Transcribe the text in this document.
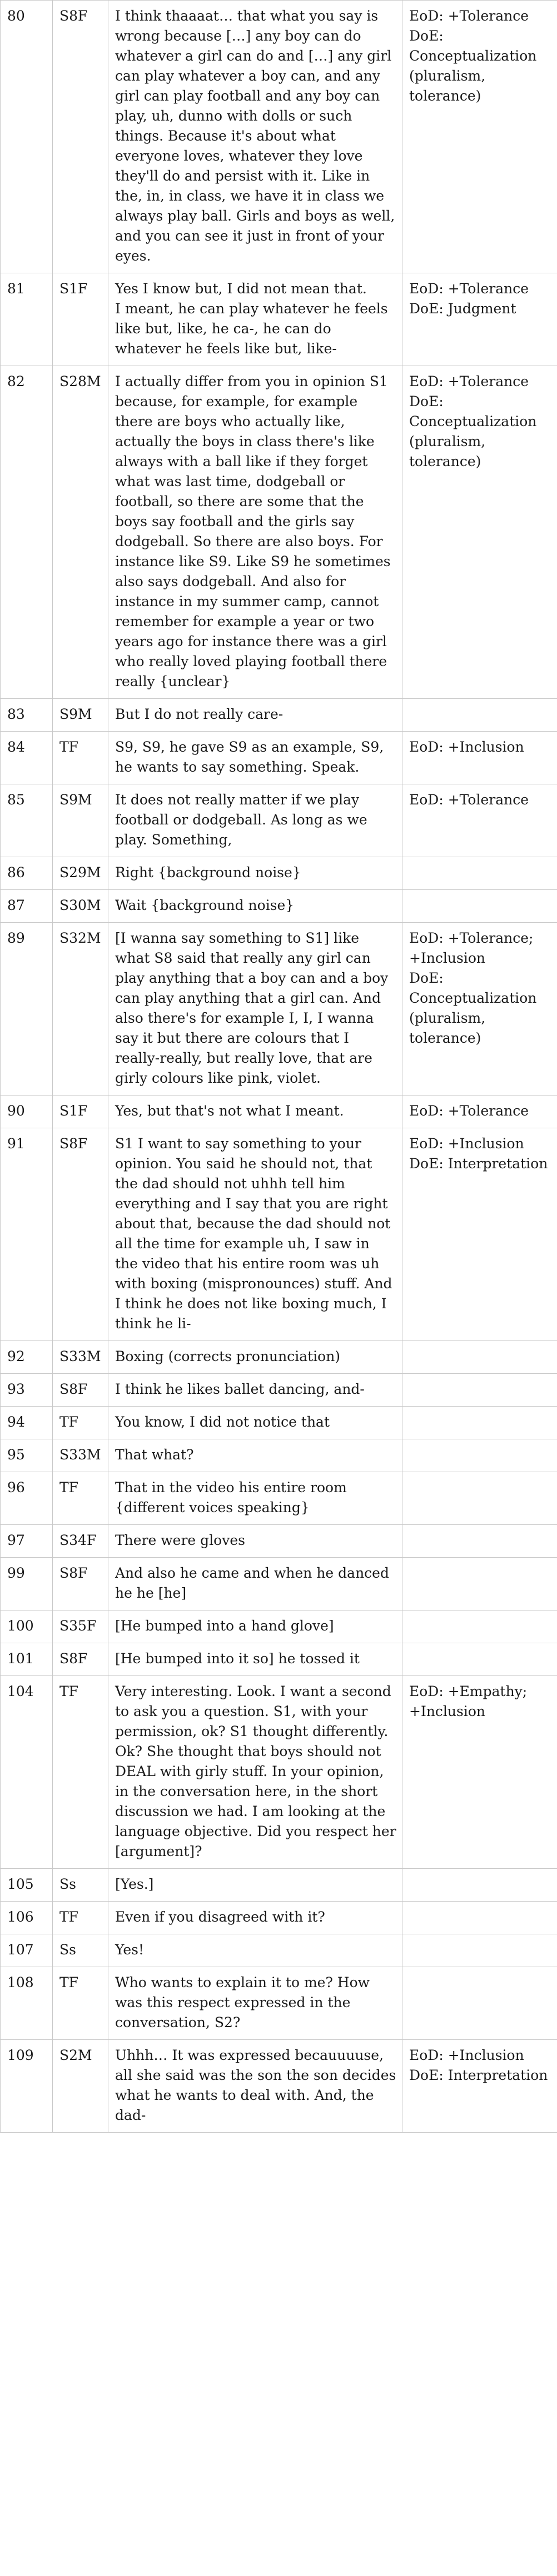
80	S8F	I think thaaaat… that what you say is wrong because […] any boy can do whatever a girl can do and […] any girl can play whatever a boy can, and any girl can play football and any boy can play, uh, dunno with dolls or such things. Because it's about what everyone loves, whatever they love they'll do and persist with it. Like in the, in, in class, we have it in class we always play ball. Girls and boys as well, and you can see it just in front of your eyes.	EoD: +Tolerance
DoE: Conceptualization (pluralism, tolerance)
81	S1F	Yes I know but, I did not mean that.
I meant, he can play whatever he feels like but, like, he ca-, he can do whatever he feels like but, like-	EoD: +Tolerance
DoE: Judgment
82	S28M	I actually differ from you in opinion S1 because, for example, for example there are boys who actually like, actually the boys in class there's like always with a ball like if they forget what was last time, dodgeball or football, so there are some that the boys say football and the girls say dodgeball. So there are also boys. For instance like S9. Like S9 he sometimes also says dodgeball. And also for instance in my summer camp, cannot remember for example a year or two years ago for instance there was a girl who really loved playing football there really {unclear}	EoD: +Tolerance
DoE: Conceptualization (pluralism, tolerance)
83	S9M	But I do not really care-	
84	TF	S9, S9, he gave S9 as an example, S9, he wants to say something. Speak.	EoD: +Inclusion
85	S9M	It does not really matter if we play football or dodgeball. As long as we play. Something,	EoD: +Tolerance
86	S29M	Right {background noise}	
87	S30M	Wait {background noise}	
89	S32M	[I wanna say something to S1] like what S8 said that really any girl can play anything that a boy can and a boy can play anything that a girl can. And also there's for example I, I, I wanna say it but there are colours that I really-really, but really love, that are girly colours like pink, violet.	EoD: +Tolerance; +Inclusion
DoE: Conceptualization (pluralism, tolerance)
90	S1F	Yes, but that's not what I meant.	EoD: +Tolerance
91	S8F	S1 I want to say something to your opinion. You said he should not, that the dad should not uhhh tell him everything and I say that you are right about that, because the dad should not all the time for example uh, I saw in the video that his entire room was uh with boxing (mispronounces) stuff. And I think he does not like boxing much, I think he li-	EoD: +Inclusion
DoE: Interpretation
92	S33M	Boxing (corrects pronunciation)	
93	S8F	I think he likes ballet dancing, and-	
94	TF	You know, I did not notice that	
95	S33M	That what?	
96	TF	That in the video his entire room {different voices speaking}	
97	S34F	There were gloves	
99	S8F	And also he came and when he danced he he [he]	
100	S35F	[He bumped into a hand glove]	
101	S8F	[He bumped into it so] he tossed it	
104	TF	Very interesting. Look. I want a second to ask you a question. S1, with your permission, ok? S1 thought differently. Ok? She thought that boys should not DEAL with girly stuff. In your opinion, in the conversation here, in the short discussion we had. I am looking at the language objective. Did you respect her [argument]?	EoD: +Empathy; +Inclusion
105	Ss	[Yes.]	
106	TF	Even if you disagreed with it?	
107	Ss	Yes!	
108	TF	Who wants to explain it to me? How was this respect expressed in the conversation, S2?	
109	S2M	Uhhh… It was expressed becauuuuse, all she said was the son the son decides what he wants to deal with. And, the dad-	EoD: +Inclusion
DoE: Interpretation
